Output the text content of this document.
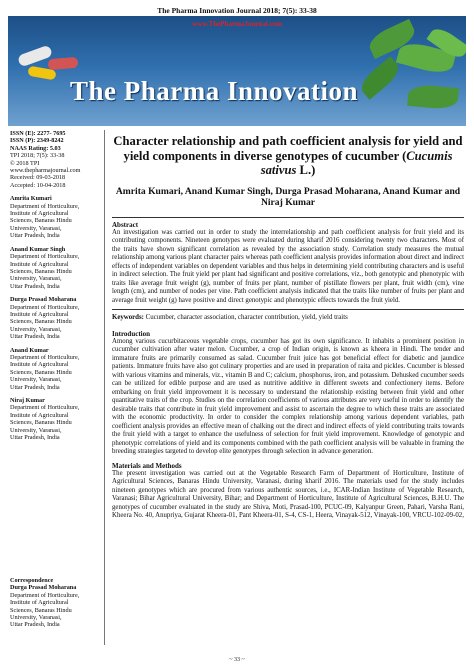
The Pharma Innovation Journal 2018; 7(5): 33-38
www.ThePharmaJournal.com
The Pharma Innovation
ISSN (E): 2277- 7695
ISSN (P): 2349-8242
NAAS Rating: 5.03
TPI 2018; 7(5): 33-38
© 2018 TPI
www.thepharmajournal.com
Received: 09-03-2018
Accepted: 10-04-2018
Amrita Kumari
Department of Horticulture,
Institute of Agricultural
Sciences, Banaras Hindu
University, Varanasi,
Uttar Pradesh, India
Anand Kumar Singh
Department of Horticulture,
Institute of Agricultural
Sciences, Banaras Hindu
University, Varanasi,
Uttar Pradesh, India
Durga Prasad Moharana
Department of Horticulture,
Institute of Agricultural
Sciences, Banaras Hindu
University, Varanasi,
Uttar Pradesh, India
Anand Kumar
Department of Horticulture,
Institute of Agricultural
Sciences, Banaras Hindu
University, Varanasi,
Uttar Pradesh, India
Niraj Kumar
Department of Horticulture,
Institute of Agricultural
Sciences, Banaras Hindu
University, Varanasi,
Uttar Pradesh, India
Correspondence
Durga Prasad Moharana
Department of Horticulture,
Institute of Agricultural
Sciences, Banaras Hindu
University, Varanasi,
Uttar Pradesh, India
Character relationship and path coefficient analysis for yield and yield components in diverse genotypes of cucumber (Cucumis sativus L.)
Amrita Kumari, Anand Kumar Singh, Durga Prasad Moharana, Anand Kumar and Niraj Kumar
Abstract
An investigation was carried out in order to study the interrelationship and path coefficient analysis for fruit yield and its contributing components. Nineteen genotypes were evaluated during kharif 2016 considering twenty two characters. Most of the traits have shown significant correlation as revealed by the association study. Correlation study measures the mutual relationship among various plant character pairs whereas path coefficient analysis provides information about direct and indirect effects of independent variables on dependent variables and thus helps in determining yield contributing characters and is useful in indirect selection. The fruit yield per plant had significant and positive correlations, viz., both genotypic and phenotypic with traits like average fruit weight (g), number of fruits per plant, number of pistillate flowers per plant, fruit width (cm), vine length (cm), and number of nodes per vine. Path coefficient analysis indicated that the traits like number of fruits per plant and average fruit weight (g) have positive and direct genotypic and phenotypic effects towards the fruit yield.
Keywords: Cucumber, character association, character contribution, yield, yield traits
Introduction
Among various cucurbitaceous vegetable crops, cucumber has got its own significance. It inhabits a prominent position in cucumber cultivation after water melon. Cucumber, a crop of Indian origin, is known as kheera in Hindi. The tender and immature fruits are primarily consumed as salad. Cucumber fruit juice has got beneficial effect for diabetic and jaundice patients. Immature fruits have also got culinary properties and are used in preparation of raita and pickles. Cucumber is blessed with various vitamins and minerals, viz., vitamin B and C; calcium, phosphorus, iron, and potassium. Dehusked cucumber seeds can be utilized for edible purpose and are used as nutritive additive in different sweets and confectionery items. Before embarking on fruit yield improvement it is necessary to understand the relationship existing between fruit yield and other quantitative traits of the crop. Studies on the correlation coefficients of various attributes are very useful in order to identify the desirable traits that contribute in fruit yield improvement and assist to ascertain the degree to which these traits are associated with the economic productivity. In order to consider the complex relationship among various dependent variables, path coefficient analysis provides an effective mean of chalking out the direct and indirect effects of yield contributing traits towards the fruit yield with a target to enhance the usefulness of selection for fruit yield improvement. Knowledge of genotypic and phenotypic correlations of yield and its components combined with the path coefficient analysis will be valuable in framing the breeding strategies targeted to develop elite genotypes through selection in advance generation.
Materials and Methods
The present investigation was carried out at the Vegetable Research Farm of Department of Horticulture, Institute of Agricultural Sciences, Banaras Hindu University, Varanasi, during kharif 2016. The materials used for the study includes nineteen genotypes which are procured from various authentic sources, i.e., ICAR-Indian Institute of Vegetable Research, Varanasi; Bihar Agricultural University, Bihar; and Department of Horticulture, Institute of Agricultural Sciences, B.H.U. The genotypes of cucumber evaluated in the study are Shiva, Moti, Prasad-100, PCUC-09, Kalyanpur Green, Pahari, Varsha Rani, Kheera No. 40, Anupriya, Gujarat Kheera-01, Pant Kheera-01, S-4, CS-1, Heera, Vinayak-512, Vinayak-100, VRCU-102-09-02,
~ 33 ~
